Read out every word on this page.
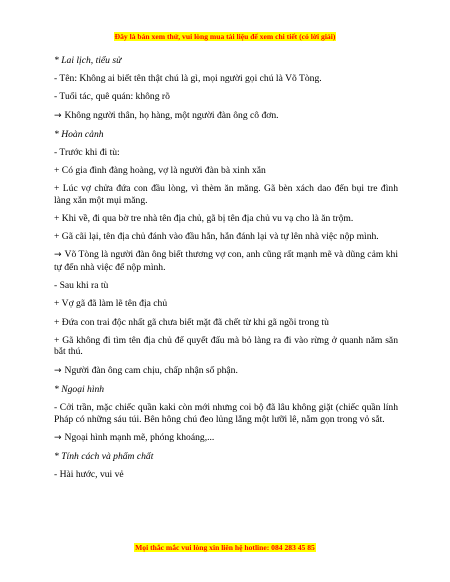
Đây là bản xem thử, vui lòng mua tài liệu để xem chi tiết (có lời giải)

* Lai lịch, tiểu sử

- Tên: Không ai biết tên thật chú là gì, mọi người gọi chú là Võ Tòng.

- Tuổi tác, quê quán: không rõ

→ Không người thân, họ hàng, một người đàn ông cô đơn.

* Hoàn cảnh

- Trước khi đi tù:

+ Có gia đình đàng hoàng, vợ là người đàn bà xinh xắn

+ Lúc vợ chửa đứa con đầu lòng, vì thèm ăn măng. Gã bèn xách dao đến bụi tre đình làng xắn một mụi măng.

+ Khi về, đi qua bờ tre nhà tên địa chủ, gã bị tên địa chủ vu vạ cho là ăn trộm.

+ Gã cãi lại, tên địa chủ đánh vào đầu hắn, hắn đánh lại và tự lên nhà việc nộp mình.

→ Võ Tòng là người đàn ông biết thương vợ con, anh cũng rất mạnh mẽ và dũng cảm khi tự đến nhà việc để nộp mình.

- Sau khi ra tù

+ Vợ gã đã làm lẽ tên địa chủ

+ Đứa con trai độc nhất gã chưa biết mặt đã chết từ khi gã ngồi trong tù

+ Gã không đi tìm tên địa chủ để quyết đấu mà bỏ làng ra đi vào rừng ở quanh năm săn bắt thú.

→ Người đàn ông cam chịu, chấp nhận số phận.

* Ngoại hình

- Cởi trần, mặc chiếc quần kaki còn mới nhưng coi bộ đã lâu không giặt (chiếc quần lính Pháp có những sáu túi. Bên hông chú đeo lủng lẳng một lưỡi lê, nằm gọn trong vỏ sắt.

→ Ngoại hình mạnh mẽ, phóng khoáng,...

* Tính cách và phẩm chất

- Hài hước, vui vẻ

Mọi thắc mắc vui lòng xin liên hệ hotline: 084 283 45 85
